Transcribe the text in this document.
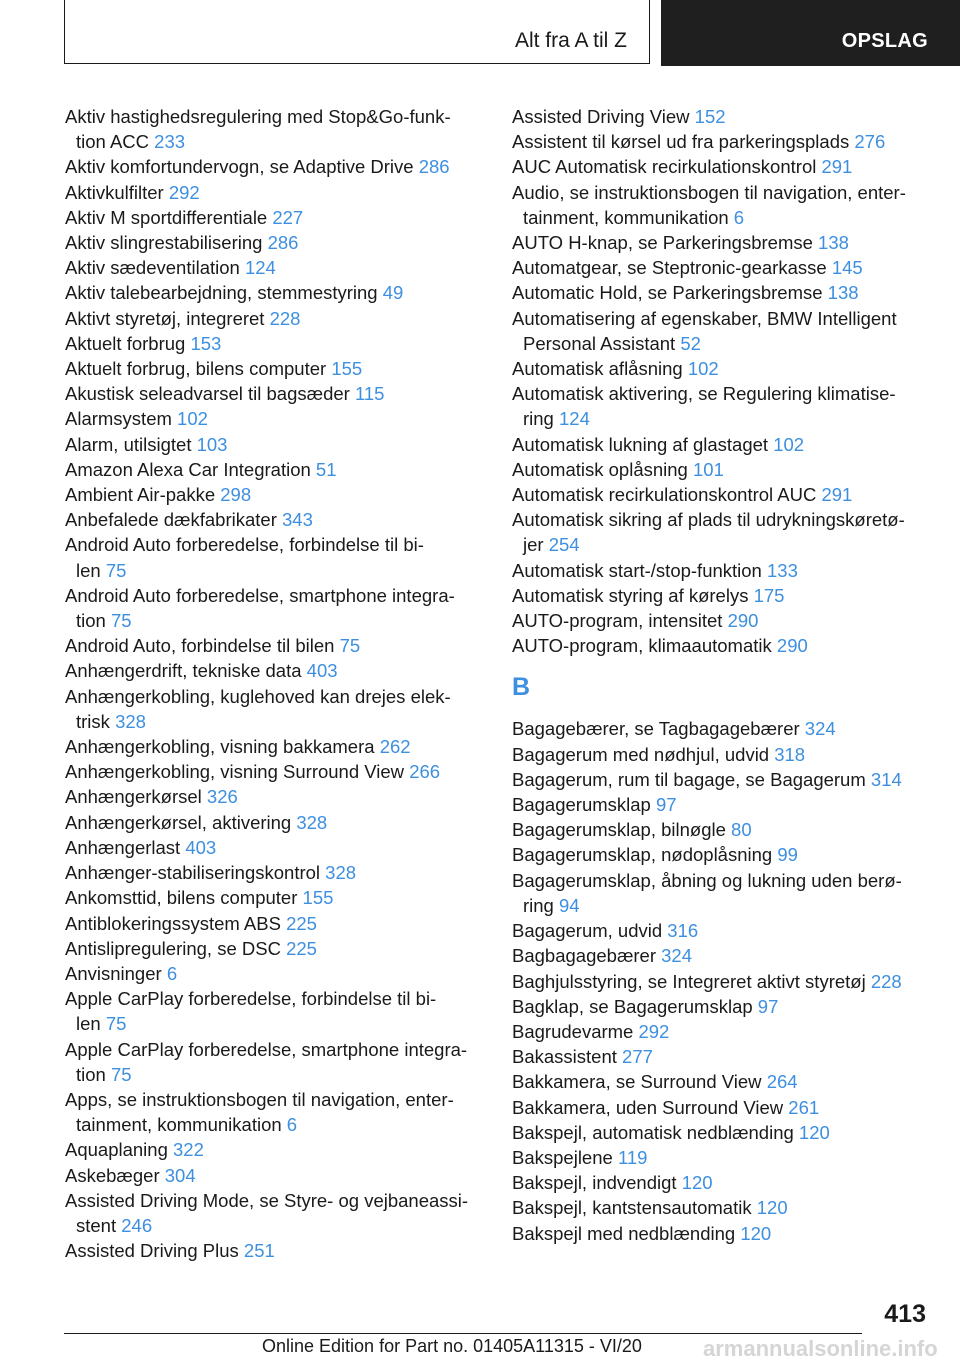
Alt fra A til Z	OPSLAG
Aktiv hastighedsregulering med Stop&Go-funk-
tion ACC 233
Aktiv komfortundervogn, se Adaptive Drive 286
Aktivkulfilter 292
Aktiv M sportdifferentiale 227
Aktiv slingrestabilisering 286
Aktiv sædeventilation 124
Aktiv talebearbejdning, stemmestyring 49
Aktivt styretøj, integreret 228
Aktuelt forbrug 153
Aktuelt forbrug, bilens computer 155
Akustisk seleadvarsel til bagsæder 115
Alarmsystem 102
Alarm, utilsigtet 103
Amazon Alexa Car Integration 51
Ambient Air-pakke 298
Anbefalede dækfabrikater 343
Android Auto forberedelse, forbindelse til bi-
len 75
Android Auto forberedelse, smartphone integra-
tion 75
Android Auto, forbindelse til bilen 75
Anhængerdrift, tekniske data 403
Anhængerkobling, kuglehoved kan drejes elek-
trisk 328
Anhængerkobling, visning bakkamera 262
Anhængerkobling, visning Surround View 266
Anhængerkørsel 326
Anhængerkørsel, aktivering 328
Anhængerlast 403
Anhænger-stabiliseringskontrol 328
Ankomsttid, bilens computer 155
Antiblokeringssystem ABS 225
Antislipregulering, se DSC 225
Anvisninger 6
Apple CarPlay forberedelse, forbindelse til bi-
len 75
Apple CarPlay forberedelse, smartphone integra-
tion 75
Apps, se instruktionsbogen til navigation, enter-
tainment, kommunikation 6
Aquaplaning 322
Askebæger 304
Assisted Driving Mode, se Styre- og vejbaneassi-
stent 246
Assisted Driving Plus 251
Assisted Driving View 152
Assistent til kørsel ud fra parkeringsplads 276
AUC Automatisk recirkulationskontrol 291
Audio, se instruktionsbogen til navigation, enter-
tainment, kommunikation 6
AUTO H-knap, se Parkeringsbremse 138
Automatgear, se Steptronic-gearkasse 145
Automatic Hold, se Parkeringsbremse 138
Automatisering af egenskaber, BMW Intelligent
Personal Assistant 52
Automatisk aflåsning 102
Automatisk aktivering, se Regulering klimatise-
ring 124
Automatisk lukning af glastaget 102
Automatisk oplåsning 101
Automatisk recirkulationskontrol AUC 291
Automatisk sikring af plads til udrykningskøretø-
jer 254
Automatisk start-/stop-funktion 133
Automatisk styring af kørelys 175
AUTO-program, intensitet 290
AUTO-program, klimaautomatik 290
B
Bagagebærer, se Tagbagagebærer 324
Bagagerum med nødhjul, udvid 318
Bagagerum, rum til bagage, se Bagagerum 314
Bagagerumsklap 97
Bagagerumsklap, bilnøgle 80
Bagagerumsklap, nødoplåsning 99
Bagagerumsklap, åbning og lukning uden berø-
ring 94
Bagagerum, udvid 316
Bagbagagebærer 324
Baghjulsstyring, se Integreret aktivt styretøj 228
Bagklap, se Bagagerumsklap 97
Bagrudevarme 292
Bakassistent 277
Bakkamera, se Surround View 264
Bakkamera, uden Surround View 261
Bakspejl, automatisk nedblænding 120
Bakspejlene 119
Bakspejl, indvendigt 120
Bakspejl, kantstensautomatik 120
Bakspejl med nedblænding 120
413
Online Edition for Part no. 01405A11315 - VI/20	armannualsonline.info
